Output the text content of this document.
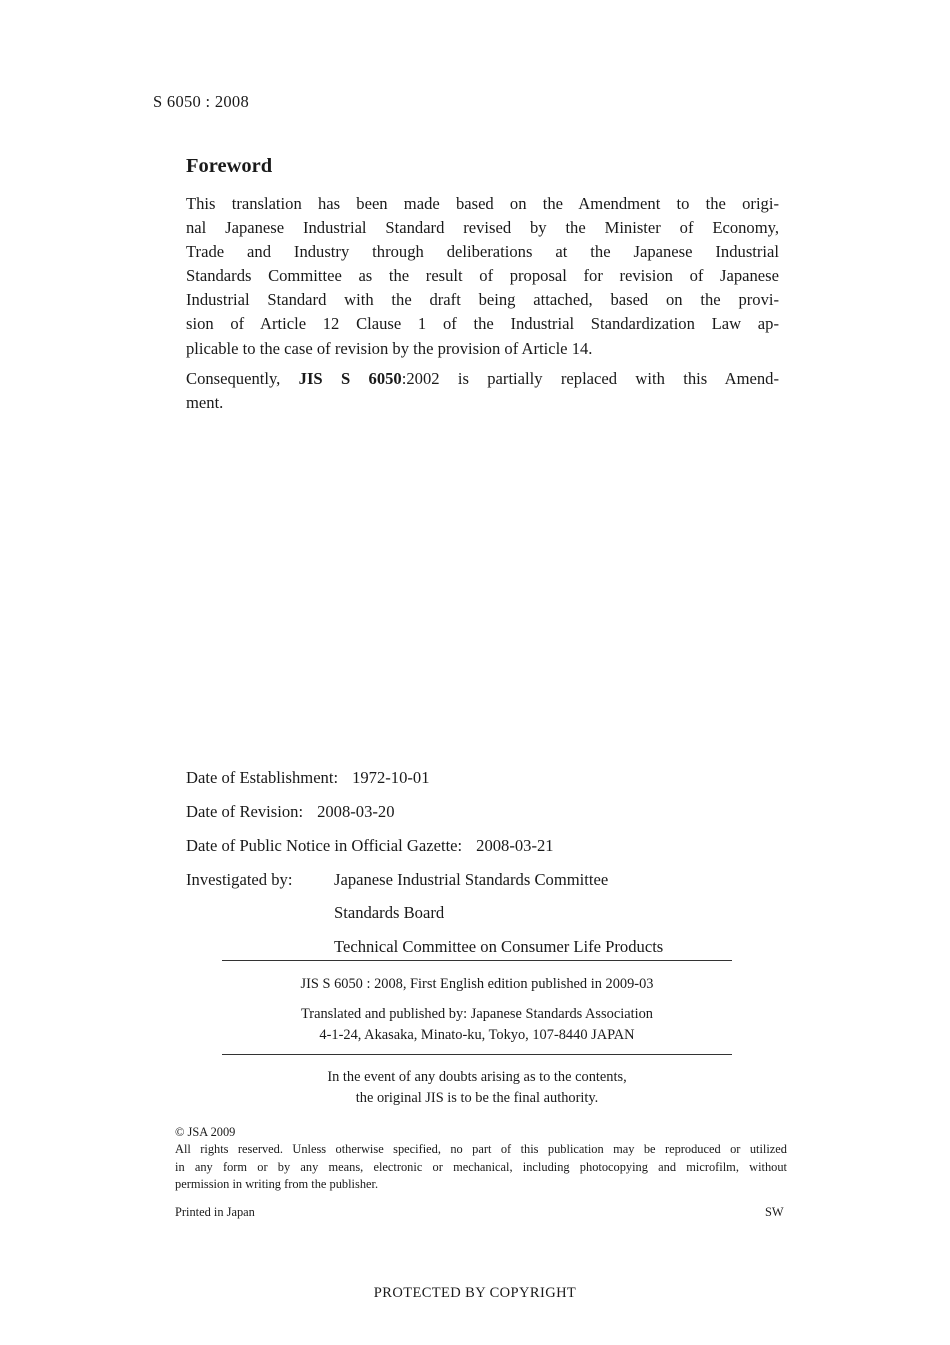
S 6050 : 2008
Foreword
This translation has been made based on the Amendment to the origi-
nal Japanese Industrial Standard revised by the Minister of Economy,
Trade and Industry through deliberations at the Japanese Industrial
Standards Committee as the result of proposal for revision of Japanese
Industrial Standard with the draft being attached, based on the provi-
sion of Article 12 Clause 1 of the Industrial Standardization Law ap-
plicable to the case of revision by the provision of Article 14.
Consequently, JIS S 6050:2002 is partially replaced with this Amend-
ment.
Date of Establishment: 1972-10-01
Date of Revision: 2008-03-20
Date of Public Notice in Official Gazette: 2008-03-21
Investigated by:	Japanese Industrial Standards Committee
Standards Board
Technical Committee on Consumer Life Products
JIS S 6050 : 2008, First English edition published in 2009-03
Translated and published by: Japanese Standards Association
4-1-24, Akasaka, Minato-ku, Tokyo, 107-8440 JAPAN
In the event of any doubts arising as to the contents,
the original JIS is to be the final authority.
© JSA 2009
All rights reserved. Unless otherwise specified, no part of this publication may be reproduced or utilized
in any form or by any means, electronic or mechanical, including photocopying and microfilm, without
permission in writing from the publisher.
Printed in Japan	SW
PROTECTED BY COPYRIGHT
